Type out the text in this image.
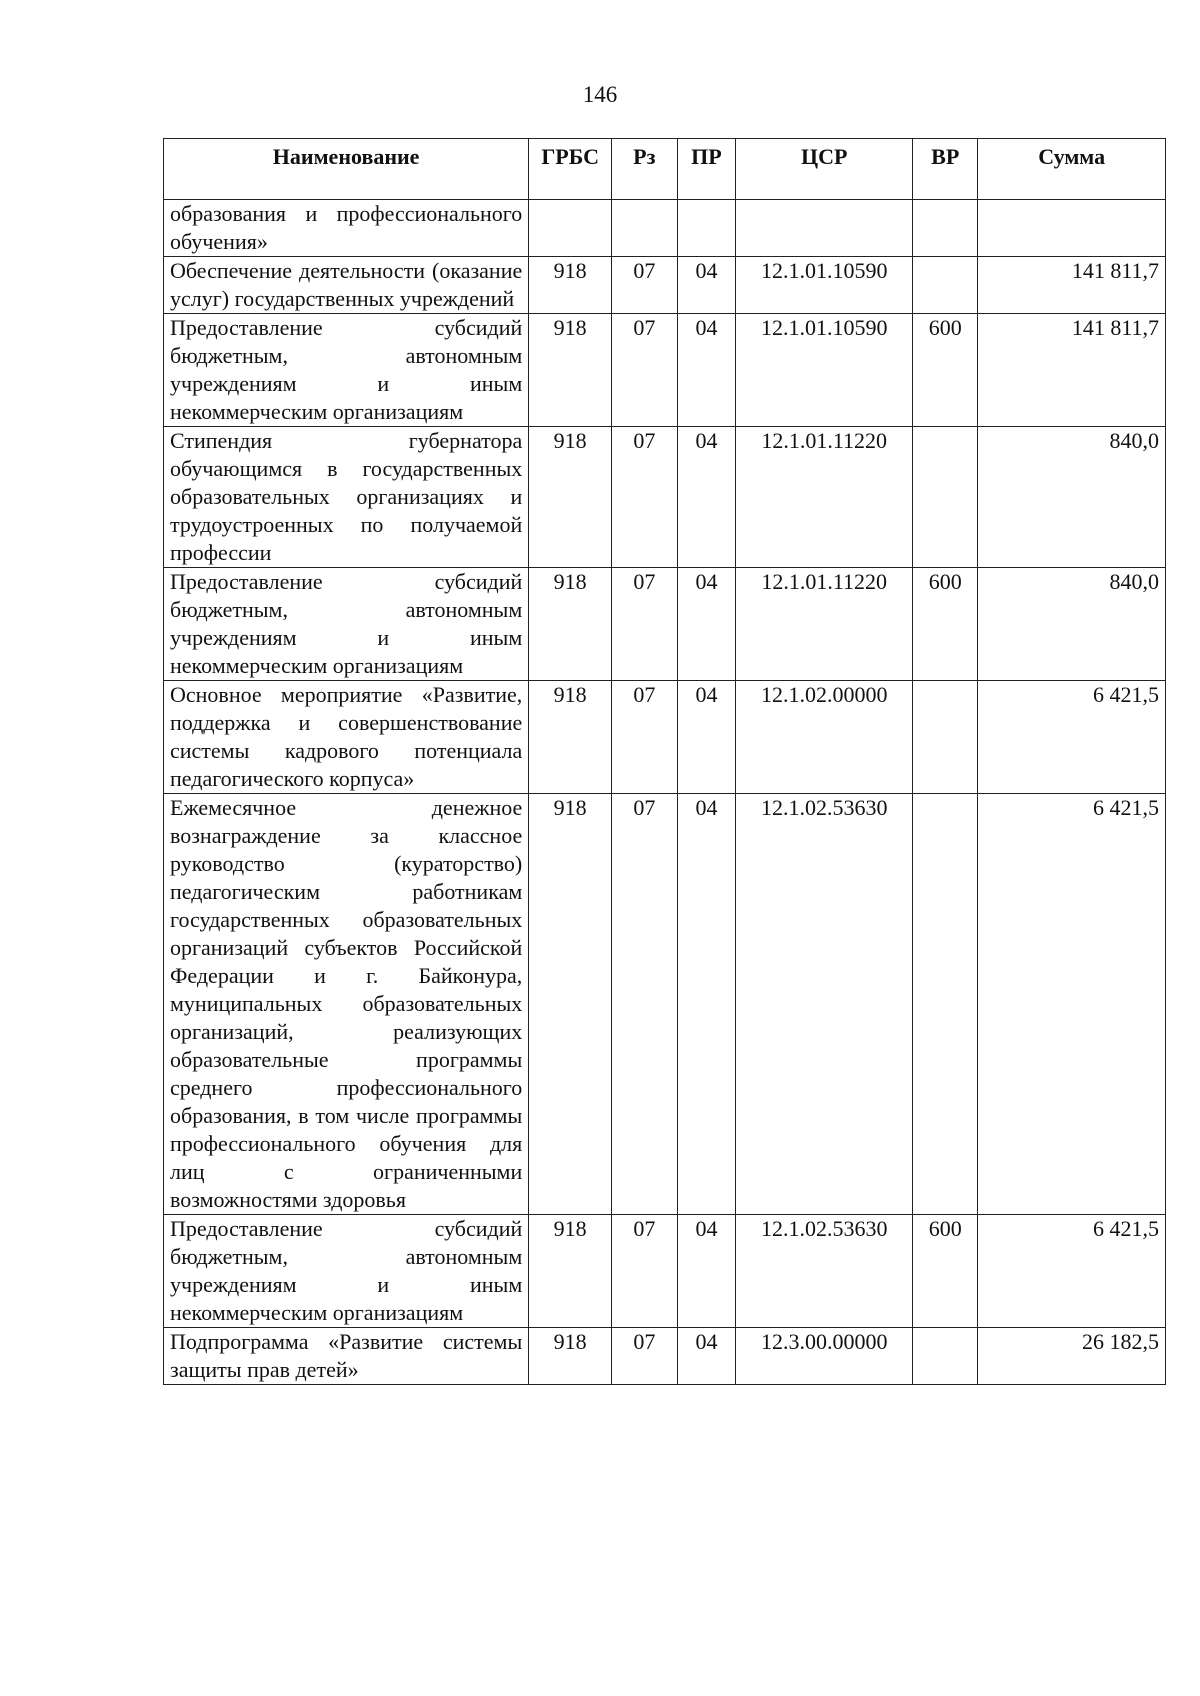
146
Наименование	ГРБС	Рз	ПР	ЦСР	ВР	Сумма
образования и профессионального обучения»						
Обеспечение деятельности (оказание услуг) государственных учреждений	918	07	04	12.1.01.10590		141 811,7
Предоставление субсидий бюджетным, автономным учреждениям и иным некоммерческим организациям	918	07	04	12.1.01.10590	600	141 811,7
Стипендия губернатора обучающимся в государственных образовательных организациях и трудоустроенных по получаемой профессии	918	07	04	12.1.01.11220		840,0
Предоставление субсидий бюджетным, автономным учреждениям и иным некоммерческим организациям	918	07	04	12.1.01.11220	600	840,0
Основное мероприятие «Развитие, поддержка и совершенствование системы кадрового потенциала педагогического корпуса»	918	07	04	12.1.02.00000		6 421,5
Ежемесячное денежное вознаграждение за классное руководство (кураторство) педагогическим работникам государственных образовательных организаций субъектов Российской Федерации и г. Байконура, муниципальных образовательных организаций, реализующих образовательные программы среднего профессионального образования, в том числе программы профессионального обучения для лиц с ограниченными возможностями здоровья	918	07	04	12.1.02.53630		6 421,5
Предоставление субсидий бюджетным, автономным учреждениям и иным некоммерческим организациям	918	07	04	12.1.02.53630	600	6 421,5
Подпрограмма «Развитие системы защиты прав детей»	918	07	04	12.3.00.00000		26 182,5
